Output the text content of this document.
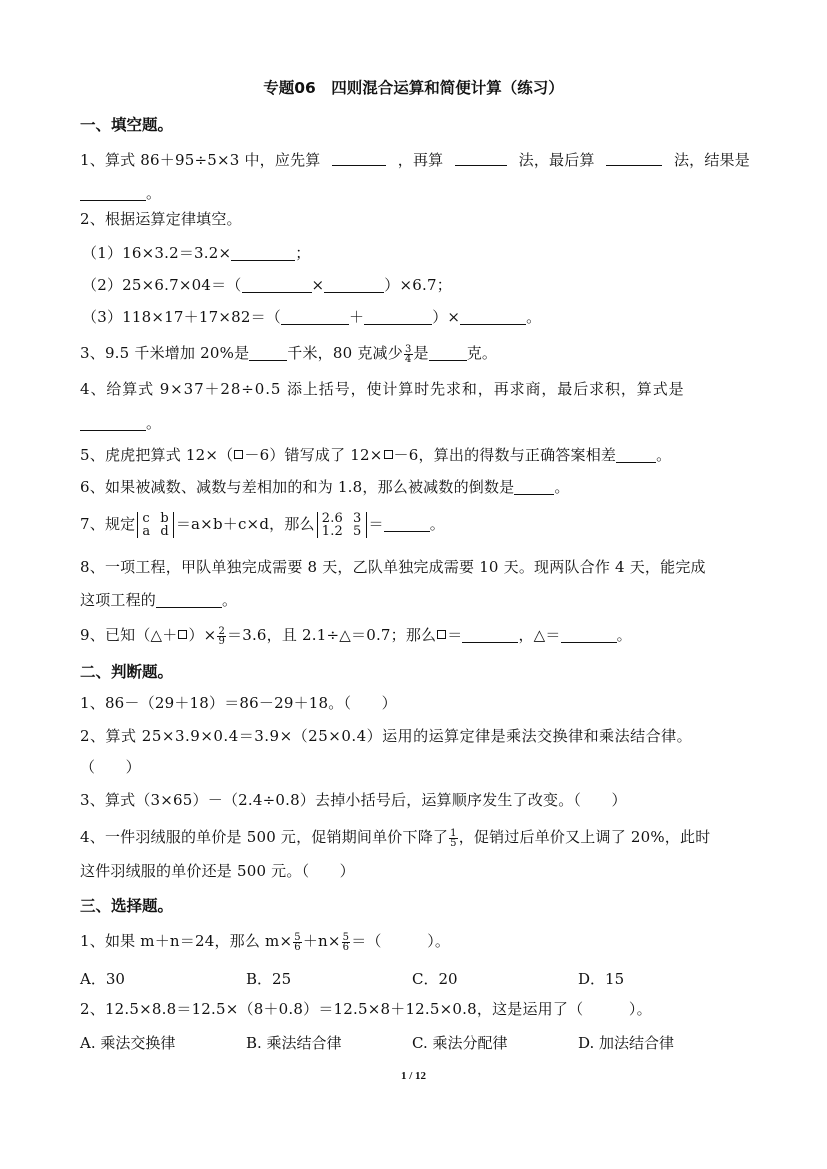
专题06　四则混合运算和简便计算（练习）
一、填空题。
1、算式 86＋95÷5×3 中，应先算	，再算	法，最后算	法，结果是
。
2、根据运算定律填空。
（1）16×3.2＝3.2×	；
（2）25×6.7×04＝（	×	）×6.7；
（3）118×17＋17×82＝（	＋	）×	。
3、9.5 千米增加 20%是	千米，80 克减少 $\frac{3}{4}$ 是	克。
4、给算式 9×37＋28÷0.5 添上括号，使计算时先求和，再求商，最后求积，算式是
。
5、虎虎把算式 12×（ －6）错写成了 12× －6，算出的得数与正确答案相差	。
6、如果被减数、减数与差相加的和为 1.8，那么被减数的倒数是	。
7、规定 c b
a d ＝a×b＋c×d，那么 2.6 3
1.2 5 ＝	。
8、一项工程，甲队单独完成需要 8 天，乙队单独完成需要 10 天。现两队合作 4 天，能完成
这项工程的	。
9、已知（△＋ ）× $\frac{2}{9} =3.6$，且 2.1÷△＝0.7；那么 ＝	，△＝	。
二、判断题。
1、86－（29＋18）＝86－29＋18。（　　）
2、算式 25×3.9×0.4＝3.9×（25×0.4）运用的运算定律是乘法交换律和乘法结合律。
（　　）
3、算式（3×65）－（2.4÷0.8）去掉小括号后，运算顺序发生了改变。（　　）
4、一件羽绒服的单价是 500 元，促销期间单价下降了 $\frac{1}{5}$ ，促销过后单价又上调了 20%，此时
这件羽绒服的单价还是 500 元。（　　）
三、选择题。
1、如果 m＋n＝24，那么 $m\times \frac{5}{6} +n\times \frac{5}{6}$ ＝（　　　）。
A．30	B．25	C．20	D．15
2、12.5×8.8＝12.5×（8＋0.8）＝12.5×8＋12.5×0.8，这是运用了（　　　）。
A. 乘法交换律	B. 乘法结合律	C. 乘法分配律	D. 加法结合律
1 / 12
